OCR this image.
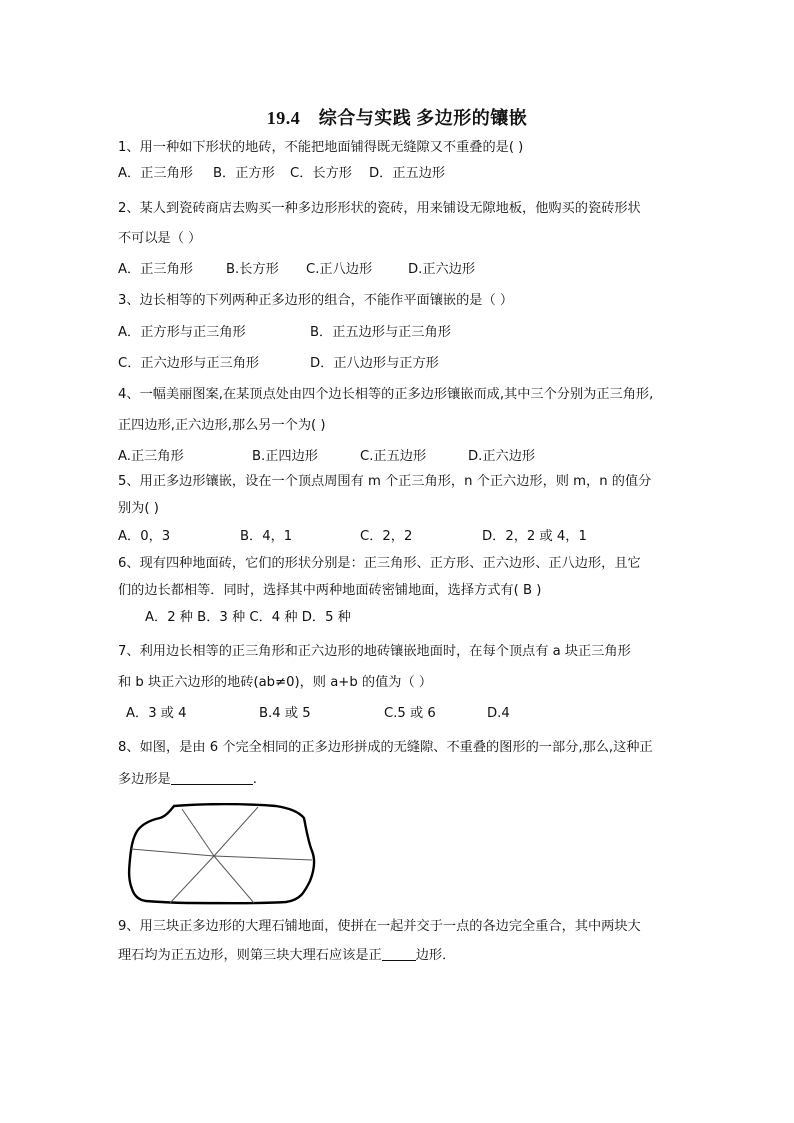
19.4　综合与实践 多边形的镶嵌
1、用一种如下形状的地砖，不能把地面铺得既无缝隙又不重叠的是( )
A．正三角形 B．正方形 C．长方形 D．正五边形
2、某人到瓷砖商店去购买一种多边形形状的瓷砖，用来铺设无隙地板，他购买的瓷砖形状
不可以是（ ）
A．正三角形	B.长方形 C.正八边形	D.正六边形
3、边长相等的下列两种正多边形的组合，不能作平面镶嵌的是（ ）
A．正方形与正三角形	B．正五边形与正三角形
C．正六边形与正三角形	D．正八边形与正方形
4、一幅美丽图案,在某顶点处由四个边长相等的正多边形镶嵌而成,其中三个分别为正三角形,
正四边形,正六边形,那么另一个为( )
A.正三角形	B.正四边形	C.正五边形	D.正六边形
5、用正多边形镶嵌，设在一个顶点周围有 m 个正三角形，n 个正六边形，则 m，n 的值分
别为( )
A．0，3	B．4，1	C．2，2	D．2，2 或 4，1
6、现有四种地面砖，它们的形状分别是：正三角形、正方形、正六边形、正八边形，且它
们的边长都相等．同时，选择其中两种地面砖密铺地面，选择方式有( B )
A．2 种 B．3 种 C．4 种 D．5 种
7、利用边长相等的正三角形和正六边形的地砖镶嵌地面时，在每个顶点有 a 块正三角形
和 b 块正六边形的地砖(ab≠0)，则 a+b 的值为（ ）
A．3 或 4	B.4 或 5	C.5 或 6	D.4
8、如图，是由 6 个完全相同的正多边形拼成的无缝隙、不重叠的图形的一部分,那么,这种正
多边形是	.
9、用三块正多边形的大理石铺地面，使拼在一起并交于一点的各边完全重合，其中两块大
理石均为正五边形，则第三块大理石应该是正	边形．
